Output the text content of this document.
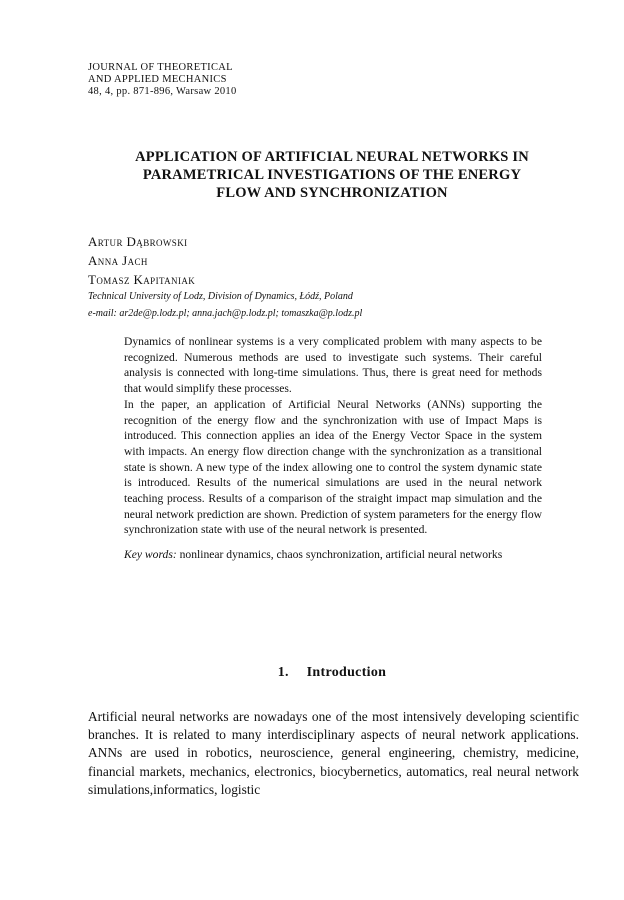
JOURNAL OF THEORETICAL
AND APPLIED MECHANICS
48, 4, pp. 871-896, Warsaw 2010
APPLICATION OF ARTIFICIAL NEURAL NETWORKS IN
PARAMETRICAL INVESTIGATIONS OF THE ENERGY
FLOW AND SYNCHRONIZATION
Artur Dąbrowski
Anna Jach
Tomasz Kapitaniak
Technical University of Lodz, Division of Dynamics, Łódź, Poland
e-mail: ar2de@p.lodz.pl; anna.jach@p.lodz.pl; tomaszka@p.lodz.pl

Dynamics of nonlinear systems is a very complicated problem with many aspects to be recognized. Numerous methods are used to investigate such systems. Their careful analysis is connected with long-time simulations. Thus, there is great need for methods that would simplify these processes.

In the paper, an application of Artificial Neural Networks (ANNs) supporting the recognition of the energy flow and the synchronization with use of Impact Maps is introduced. This connection applies an idea of the Energy Vector Space in the system with impacts. An energy flow direction change with the synchronization as a transitional state is shown. A new type of the index allowing one to control the system dynamic state is introduced. Results of the numerical simulations are used in the neural network teaching process. Results of a comparison of the straight impact map simulation and the neural network prediction are shown. Prediction of system parameters for the energy flow synchronization state with use of the neural network is presented.

Key words: nonlinear dynamics, chaos synchronization, artificial neural networks

1. Introduction

Artificial neural networks are nowadays one of the most intensively developing scientific branches. It is related to many interdisciplinary aspects of neural network applications. ANNs are used in robotics, neuroscience, general engineering, chemistry, medicine, financial markets, mechanics, electronics, biocybernetics, automatics, real neural network simulations,informatics, logistic
